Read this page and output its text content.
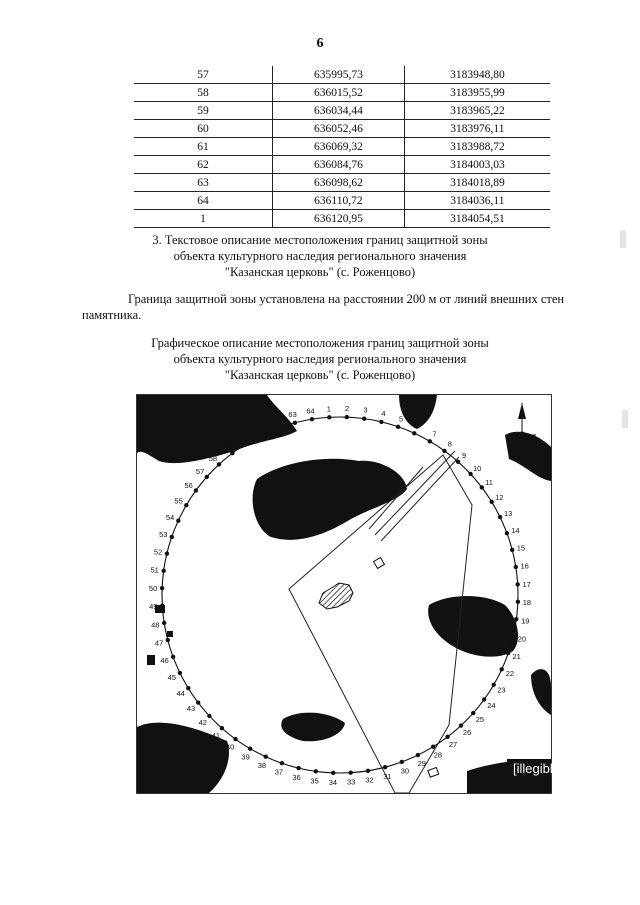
6
57	635995,73	3183948,80
58	636015,52	3183955,99
59	636034,44	3183965,22
60	636052,46	3183976,11
61	636069,32	3183988,72
62	636084,76	3184003,03
63	636098,62	3184018,89
64	636110,72	3184036,11
1	636120,95	3184054,51
3. Текстовое описание местоположения границ защитной зоны
объекта культурного наследия регионального значения
"Казанская церковь" (с. Роженцово)
Граница защитной зоны установлена на расстоянии 200 м от линий внешних стен
памятника.
Графическое описание местоположения границ защитной зоны
объекта культурного наследия регионального значения
"Казанская церковь" (с. Роженцово)
1 2 3 4
5
6
7
8
9
10
11
12
13
14
15
16
17
18
19
20
21
22
23
24
25
26
27
28
29
30
31
32
33
34
35
36
37
38
39
40
41
42
43
44
45
46
47
48
49
50
51
52
53
54
55
56
57
58
59
60
61
62
63 64
[illegible]
